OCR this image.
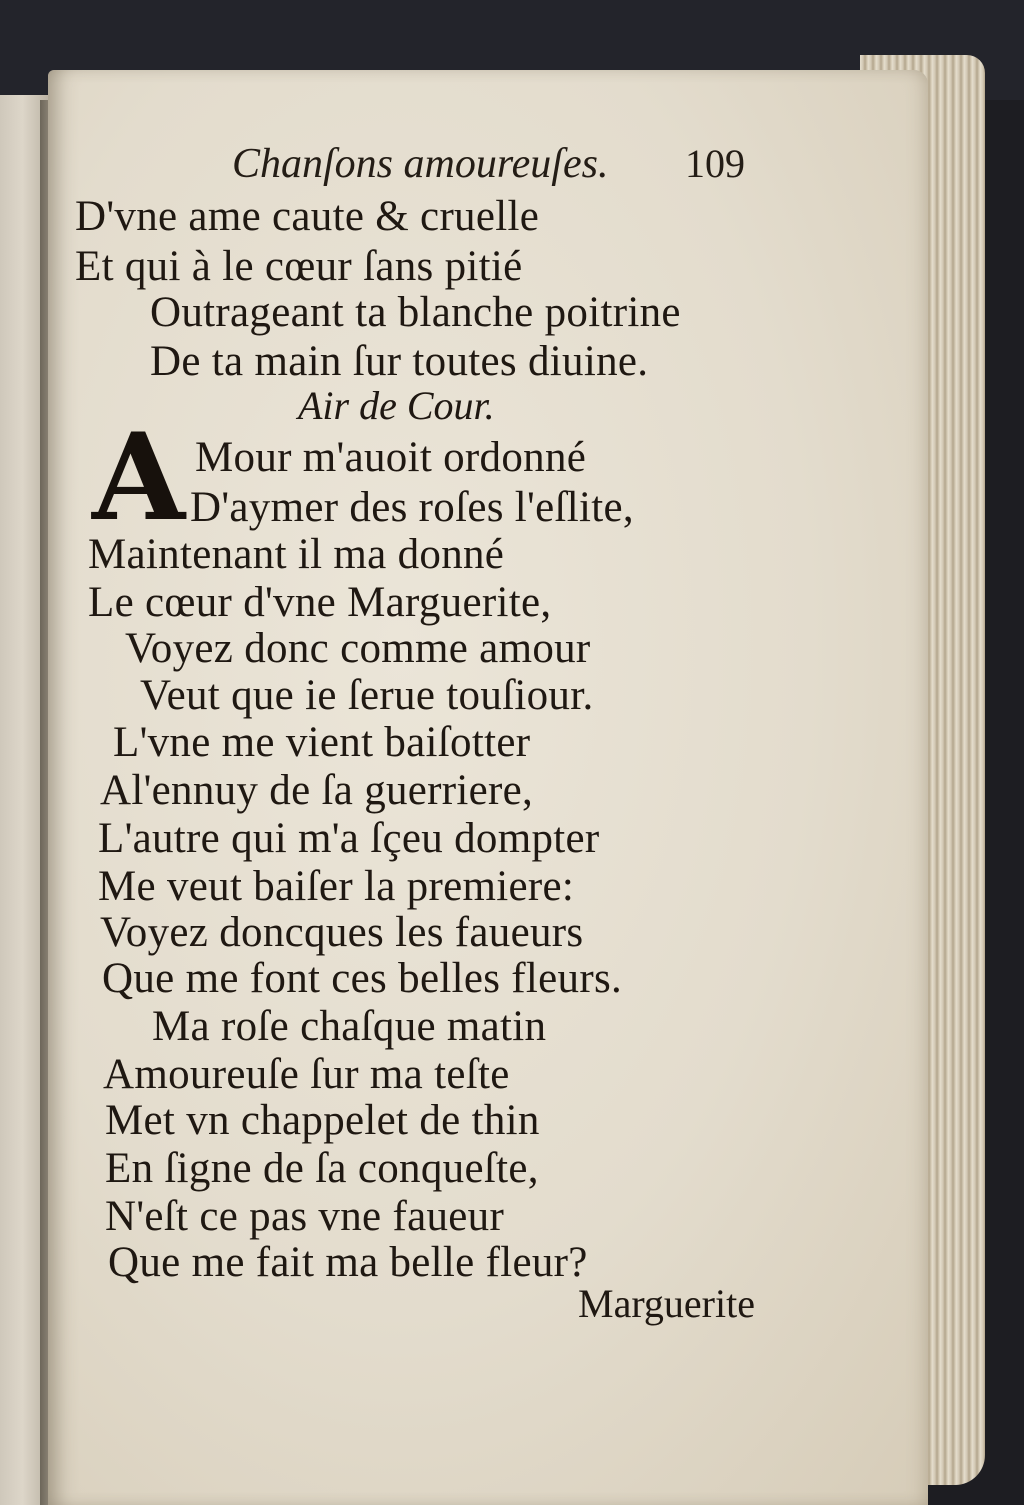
Chanſons amoureuſes. 109
D'vne ame caute & cruelle
Et qui à le cœur ſans pitié
Outrageant ta blanche poitrine
De ta main ſur toutes diuine.
Air de Cour.
A Mour m'auoit ordonné
D'aymer des roſes l'eſlite,
Maintenant il ma donné
Le cœur d'vne Marguerite,
Voyez donc comme amour
Veut que ie ſerue touſiour.
L'vne me vient baiſotter
Al'ennuy de ſa guerriere,
L'autre qui m'a ſçeu dompter
Me veut baiſer la premiere:
Voyez doncques les faueurs
Que me font ces belles fleurs.
Ma roſe chaſque matin
Amoureuſe ſur ma teſte
Met vn chappelet de thin
En ſigne de ſa conqueſte,
N'eſt ce pas vne faueur
Que me fait ma belle fleur?
Marguerite
